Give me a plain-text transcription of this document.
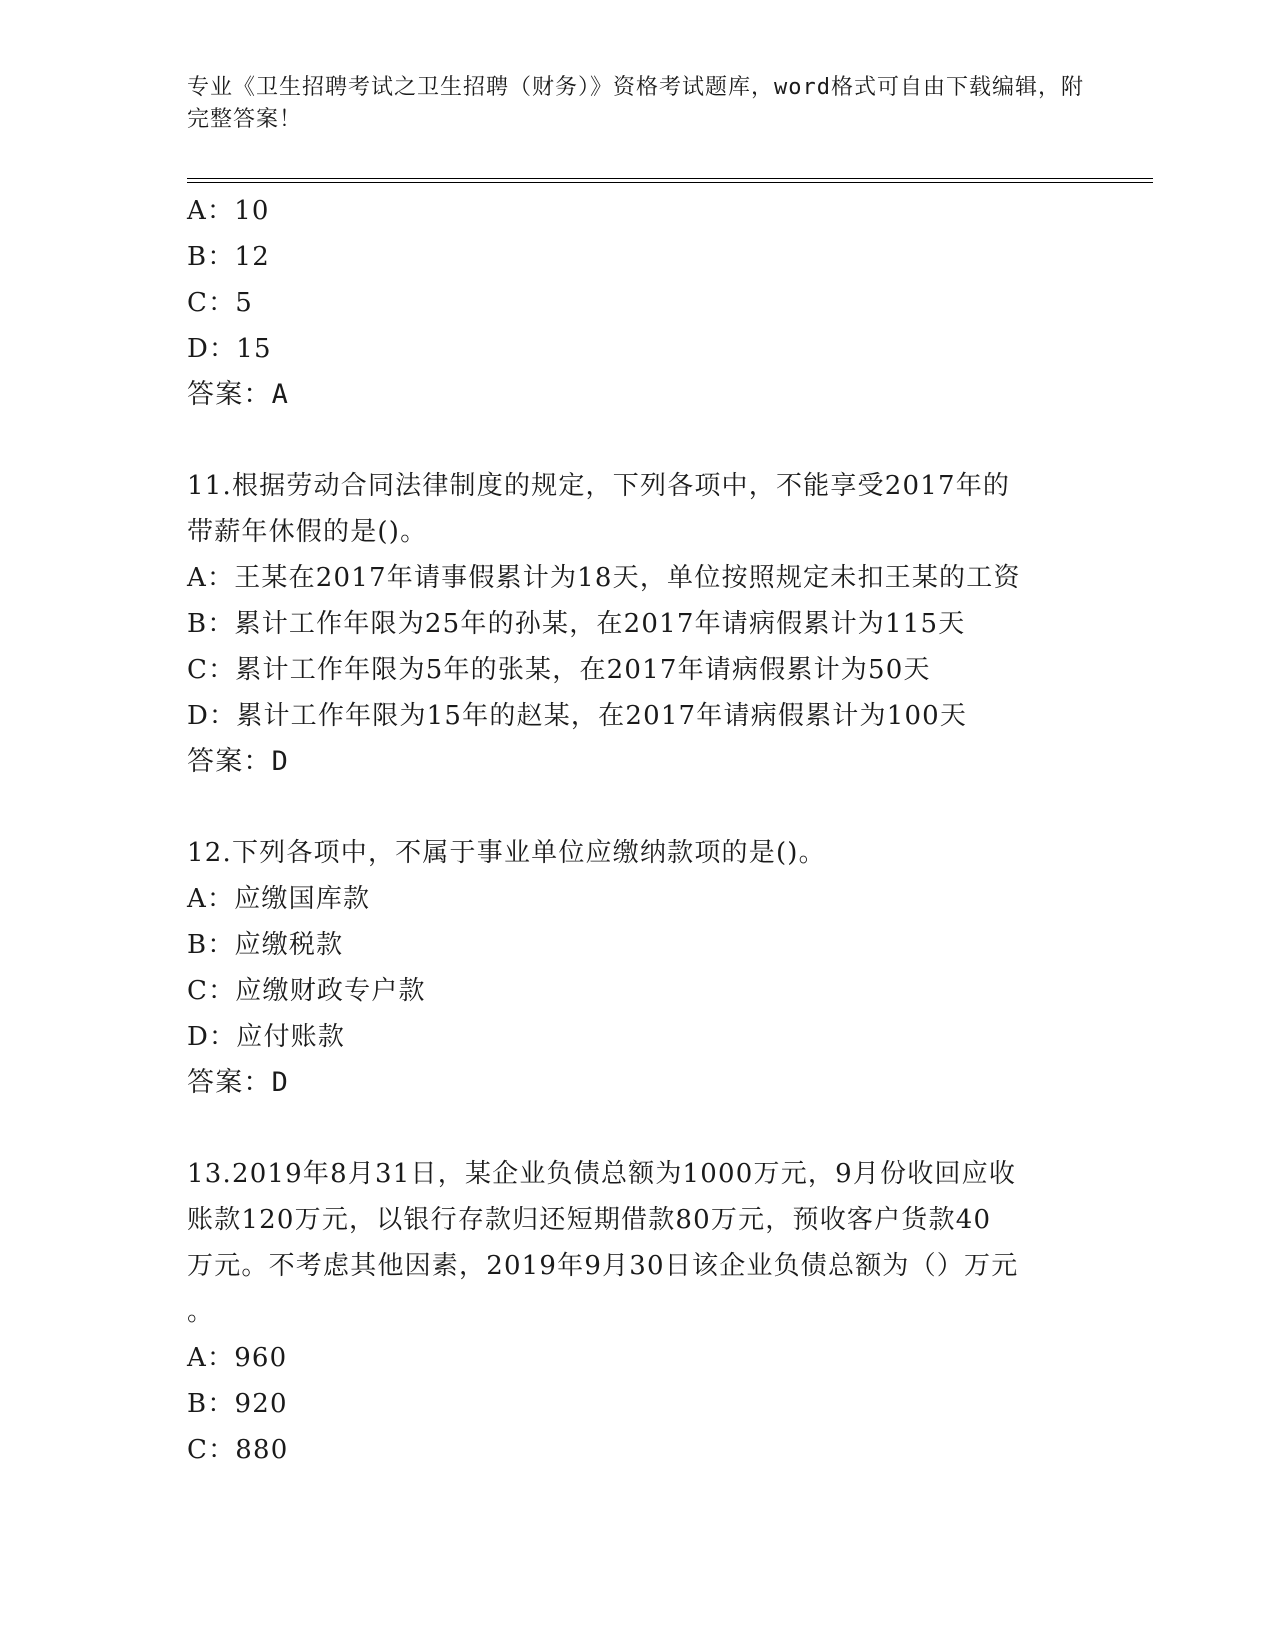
专业《卫生招聘考试之卫生招聘（财务）》资格考试题库，word格式可自由下载编辑，附完整答案！
A：10
B：12
C：5
D：15
答案：A
11.根据劳动合同法律制度的规定，下列各项中，不能享受2017年的
带薪年休假的是()。
A：王某在2017年请事假累计为18天，单位按照规定未扣王某的工资
B：累计工作年限为25年的孙某，在2017年请病假累计为115天
C：累计工作年限为5年的张某，在2017年请病假累计为50天
D：累计工作年限为15年的赵某，在2017年请病假累计为100天
答案：D
12.下列各项中，不属于事业单位应缴纳款项的是()。
A：应缴国库款
B：应缴税款
C：应缴财政专户款
D：应付账款
答案：D
13.2019年8月31日，某企业负债总额为1000万元，9月份收回应收
账款120万元，以银行存款归还短期借款80万元，预收客户货款40
万元。不考虑其他因素，2019年9月30日该企业负债总额为（）万元
。
A：960
B：920
C：880
